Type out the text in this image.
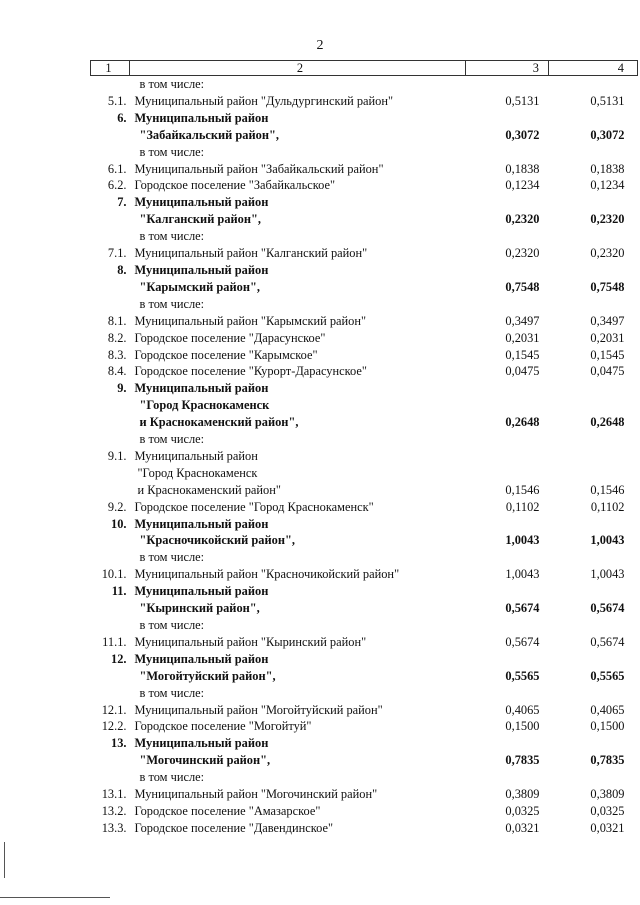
2
1	2	3	4

	в том числе:		

5.1.	Муниципальный район "Дульдургинский район"	0,5131	0,5131
6.	Муниципальный район
"Забайкальский район",	0,3072	0,3072

	в том числе:		

6.1.	Муниципальный район "Забайкальский район"	0,1838	0,1838
6.2.	Городское поселение "Забайкальское"	0,1234	0,1234
7.	Муниципальный район
"Калганский район",	0,2320	0,2320

	в том числе:		

7.1.	Муниципальный район "Калганский район"	0,2320	0,2320
8.	Муниципальный район
"Карымский район",	0,7548	0,7548

	в том числе:		

8.1.	Муниципальный район "Карымский район"	0,3497	0,3497
8.2.	Городское поселение "Дарасунское"	0,2031	0,2031
8.3.	Городское поселение "Карымское"	0,1545	0,1545
8.4.	Городское поселение "Курорт-Дарасунское"	0,0475	0,0475
9.	Муниципальный район
"Город Краснокаменск
и Краснокаменский район",	0,2648	0,2648

	в том числе:		

9.1.	Муниципальный район
"Город Краснокаменск
и Краснокаменский район"	0,1546	0,1546
9.2.	Городское поселение "Город Краснокаменск"	0,1102	0,1102
10.	Муниципальный район
"Красночикойский район",	1,0043	1,0043

	в том числе:		

10.1.	Муниципальный район "Красночикойский район"	1,0043	1,0043
11.	Муниципальный район
"Кыринский район",	0,5674	0,5674

	в том числе:		

11.1.	Муниципальный район "Кыринский район"	0,5674	0,5674
12.	Муниципальный район
"Могойтуйский район",	0,5565	0,5565

	в том числе:		

12.1.	Муниципальный район "Могойтуйский район"	0,4065	0,4065
12.2.	Городское поселение "Могойтуй"	0,1500	0,1500
13.	Муниципальный район
"Могочинский район",	0,7835	0,7835

	в том числе:		

13.1.	Муниципальный район "Могочинский район"	0,3809	0,3809
13.2.	Городское поселение "Амазарское"	0,0325	0,0325
13.3.	Городское поселение "Давендинское"	0,0321	0,0321
